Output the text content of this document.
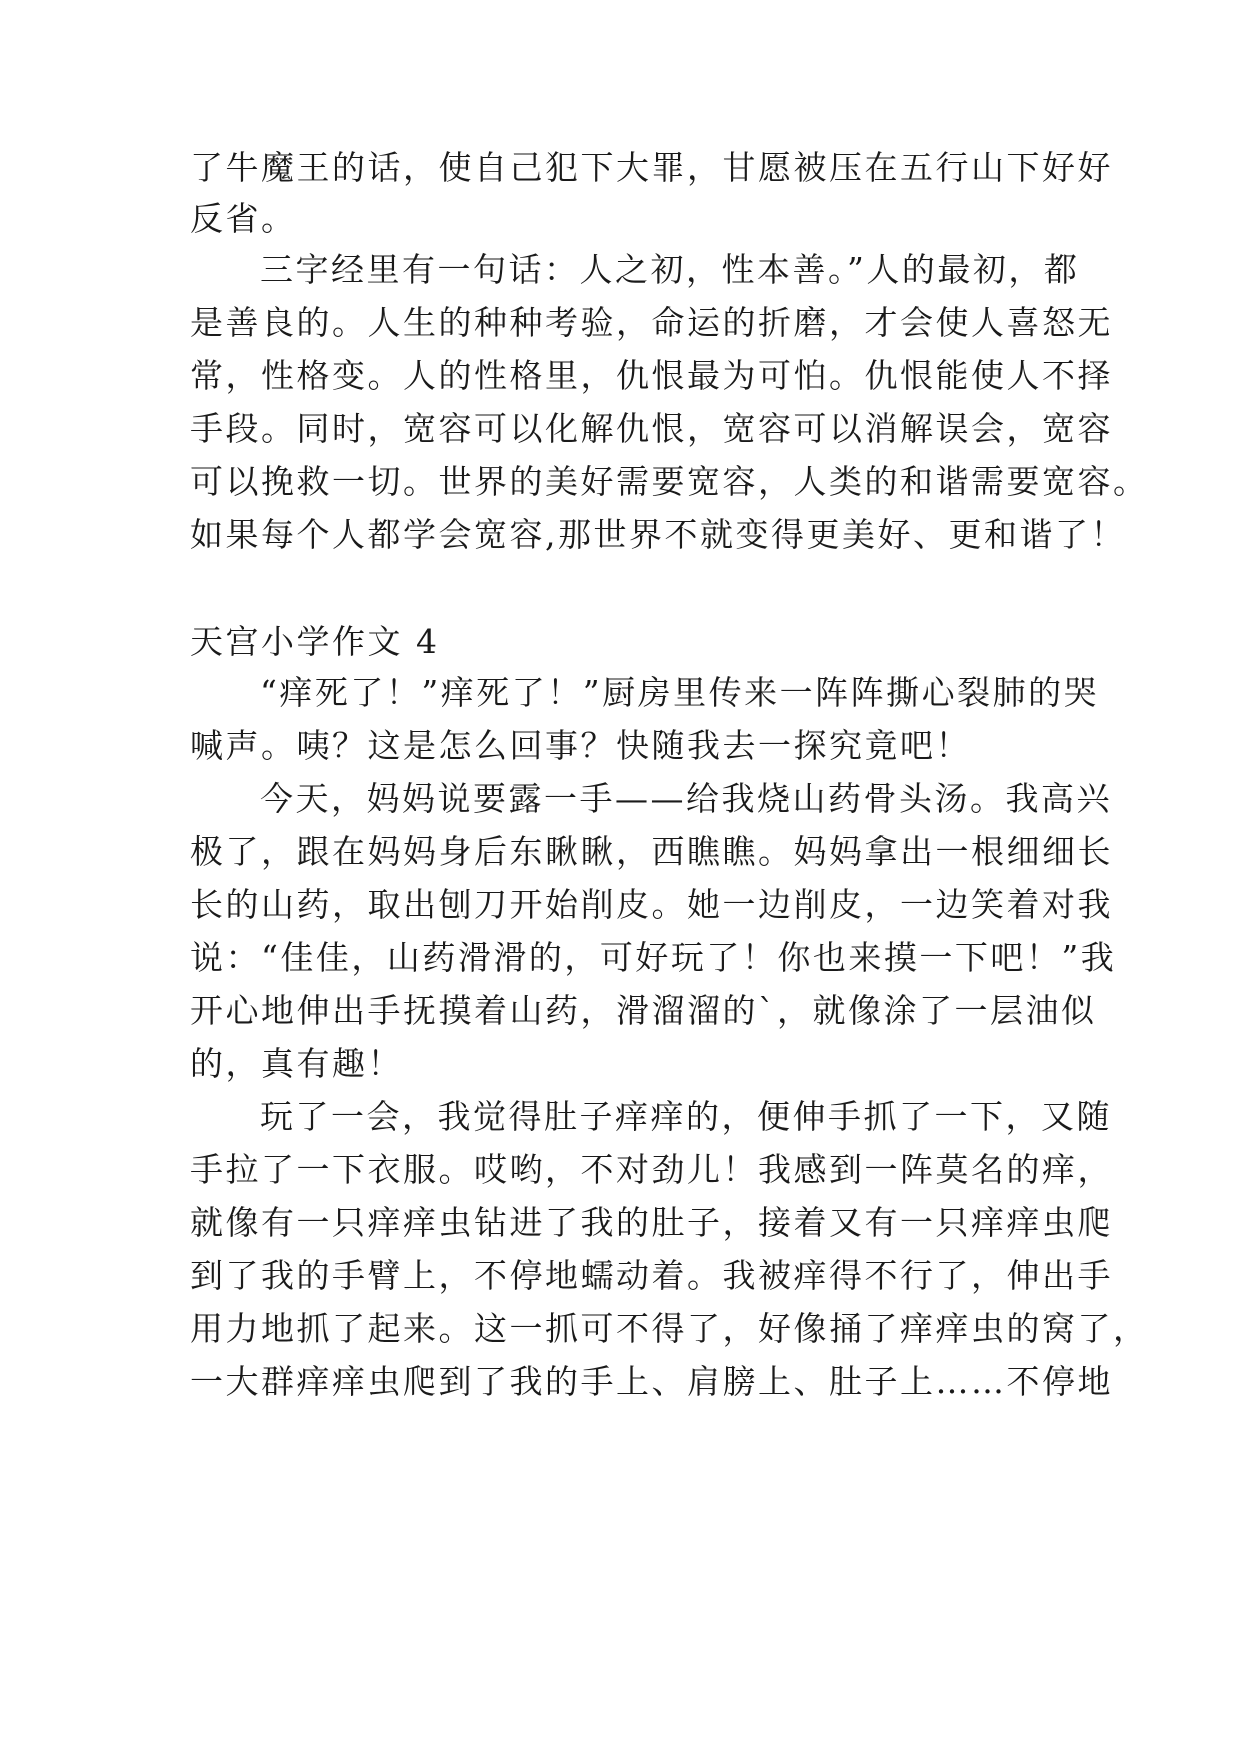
了牛魔王的话，使自己犯下大罪，甘愿被压在五行山下好好
反省。
三字经里有一句话：人之初，性本善。”人的最初，都
是善良的。人生的种种考验，命运的折磨，才会使人喜怒无
常，性格变。人的性格里，仇恨最为可怕。仇恨能使人不择
手段。同时，宽容可以化解仇恨，宽容可以消解误会，宽容
可以挽救一切。世界的美好需要宽容，人类的和谐需要宽容。
如果每个人都学会宽容,那世界不就变得更美好、更和谐了！
天宫小学作文 4
“痒死了！”痒死了！”厨房里传来一阵阵撕心裂肺的哭
喊声。咦？这是怎么回事？快随我去一探究竟吧！
今天，妈妈说要露一手——给我烧山药骨头汤。我高兴
极了，跟在妈妈身后东瞅瞅，西瞧瞧。妈妈拿出一根细细长
长的山药，取出刨刀开始削皮。她一边削皮，一边笑着对我
说：“佳佳，山药滑滑的，可好玩了！你也来摸一下吧！”我
开心地伸出手抚摸着山药，滑溜溜的`，就像涂了一层油似
的，真有趣！
玩了一会，我觉得肚子痒痒的，便伸手抓了一下，又随
手拉了一下衣服。哎哟，不对劲儿！我感到一阵莫名的痒，
就像有一只痒痒虫钻进了我的肚子，接着又有一只痒痒虫爬
到了我的手臂上，不停地蠕动着。我被痒得不行了，伸出手
用力地抓了起来。这一抓可不得了，好像捅了痒痒虫的窝了，
一大群痒痒虫爬到了我的手上、肩膀上、肚子上……不停地
